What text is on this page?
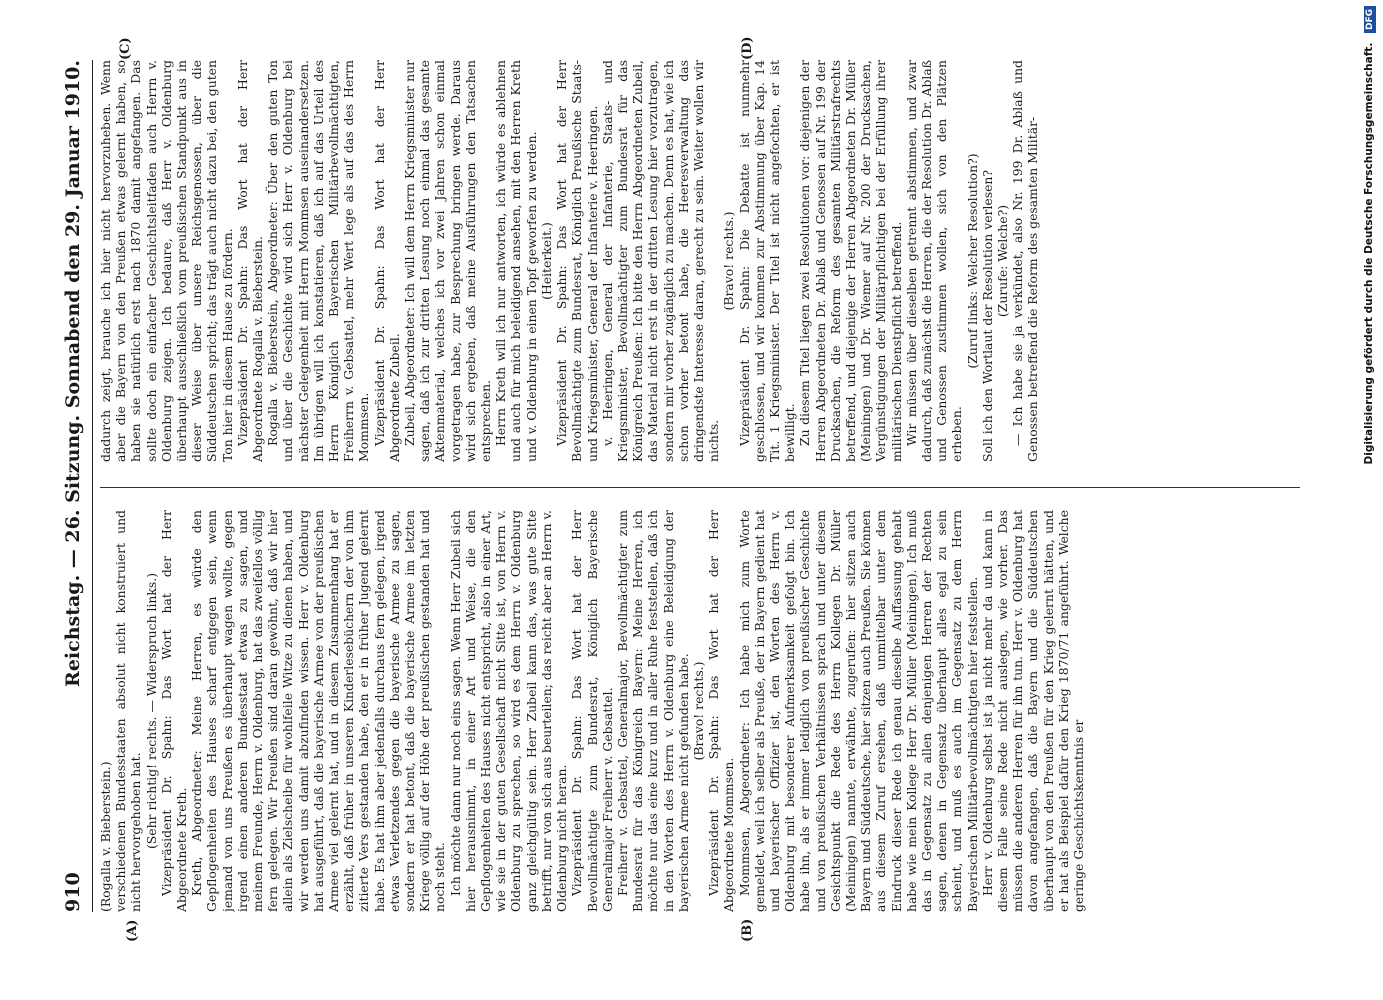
910
Reichstag. — 26. Sitzung. Sonnabend den 29. Januar 1910.
(A)	(B)
(C)	(D)

(Rogalla v. Bieberstein.) verschiedenen Bundesstaaten absolut nicht konstruiert und nicht hervorgehoben hat. (Sehr richtig! rechts. — Widerspruch links.) Vizepräsident Dr. Spahn: Das Wort hat der Herr Abgeordnete Kreth. Kreth, Abgeordneter: Meine Herren, es würde den Gepflogenheiten des Hauses scharf entgegen sein, wenn jemand von uns Preußen es überhaupt wagen wollte, gegen irgend einen anderen Bundesstaat etwas zu sagen, und meinem Freunde, Herrn v. Oldenburg, hat das zweifellos völlig fern gelegen. Wir Preußen sind daran gewöhnt, daß wir hier allein als Zielscheibe für wohlfeile Witze zu dienen haben, und wir werden uns damit abzufinden wissen. Herr v. Oldenburg hat ausgeführt, daß die bayerische Armee von der preußischen Armee viel gelernt hat, und in diesem Zusammenhang hat er erzählt, daß früher in unseren Kinderlesebüchern der von ihm zitierte Vers gestanden habe, den er in früher Jugend gelernt habe. Es hat ihm aber jedenfalls durchaus fern gelegen, irgend etwas Verletzendes gegen die bayerische Armee zu sagen, sondern er hat betont, daß die bayerische Armee im letzten Kriege völlig auf der Höhe der preußischen gestanden hat und noch steht. Ich möchte dann nur noch eins sagen. Wenn Herr Zubeil sich hier herausnimmt, in einer Art und Weise, die den Gepflogenheiten des Hauses nicht entspricht, also in einer Art, wie sie in der guten Gesellschaft nicht Sitte ist, von Herrn v. Oldenburg zu sprechen, so wird es dem Herrn v. Oldenburg ganz gleichgültig sein. Herr Zubeil kann das, was gute Sitte betrifft, nur von sich aus beurteilen; das reicht aber an Herrn v. Oldenburg nicht heran. Vizepräsident Dr. Spahn: Das Wort hat der Herr Bevollmächtigte zum Bundesrat, Königlich Bayerische Generalmajor Freiherr v. Gebsattel. Freiherr v. Gebsattel, Generalmajor, Bevollmächtigter zum Bundesrat für das Königreich Bayern: Meine Herren, ich möchte nur das eine kurz und in aller Ruhe feststellen, daß ich in den Worten des Herrn v. Oldenburg eine Beleidigung der bayerischen Armee nicht gefunden habe. (Bravo! rechts.) Vizepräsident Dr. Spahn: Das Wort hat der Herr Abgeordnete Mommsen. Mommsen, Abgeordneter: Ich habe mich zum Worte gemeldet, weil ich selber als Preuße, der in Bayern gedient hat und bayerischer Offizier ist, den Worten des Herrn v. Oldenburg mit besonderer Aufmerksamkeit gefolgt bin. Ich habe ihn, als er immer lediglich von preußischer Geschichte und von preußischen Verhältnissen sprach und unter diesem Gesichtspunkt die Rede des Herrn Kollegen Dr. Müller (Meiningen) nannte, erwähnte, zugerufen: hier sitzen auch Bayern und Süddeutsche, hier sitzen auch Preußen. Sie können aus diesem Zuruf ersehen, daß unmittelbar unter dem Eindruck dieser Rede ich genau dieselbe Auffassung gehabt habe wie mein Kollege Herr Dr. Müller (Meiningen). Ich muß das in Gegensatz zu allen denjenigen Herren der Rechten sagen, denen in Gegensatz überhaupt alles egal zu sein scheint, und muß es auch im Gegensatz zu dem Herrn Bayerischen Militärbevollmächtigten hier feststellen. Herr v. Oldenburg selbst ist ja nicht mehr da und kann in diesem Falle seine Rede nicht auslegen, wie vorher. Das müssen die anderen Herren für ihn tun. Herr v. Oldenburg hat davon angefangen, daß die Bayern und die Süddeutschen überhaupt von den Preußen für den Krieg gelernt hätten, und er hat als Beispiel dafür den Krieg 1870/71 angeführt. Welche geringe Geschichtskenntnis er

dadurch zeigt, brauche ich hier nicht hervorzuheben. Wenn aber die Bayern von den Preußen etwas gelernt haben, so haben sie natürlich erst nach 1870 damit angefangen. Das sollte doch ein einfacher Geschichtsleitfaden auch Herrn v. Oldenburg zeigen. Ich bedaure, daß Herr v. Oldenburg überhaupt ausschließlich vom preußischen Standpunkt aus in dieser Weise über unsere Reichsgenossen, über die Süddeutschen spricht; das trägt auch nicht dazu bei, den guten Ton hier in diesem Hause zu fördern. Vizepräsident Dr. Spahn: Das Wort hat der Herr Abgeordnete Rogalla v. Bieberstein. Rogalla v. Bieberstein, Abgeordneter: Über den guten Ton und über die Geschichte wird sich Herr v. Oldenburg bei nächster Gelegenheit mit Herrn Mommsen auseinandersetzen. Im übrigen will ich konstatieren, daß ich auf das Urteil des Herrn Königlich Bayerischen Militärbevollmächtigten, Freiherrn v. Gebsattel, mehr Wert lege als auf das des Herrn Mommsen. Vizepräsident Dr. Spahn: Das Wort hat der Herr Abgeordnete Zubeil. Zubeil, Abgeordneter: Ich will dem Herrn Kriegsminister nur sagen, daß ich zur dritten Lesung noch einmal das gesamte Aktenmaterial, welches ich vor zwei Jahren schon einmal vorgetragen habe, zur Besprechung bringen werde. Daraus wird sich ergeben, daß meine Ausführungen den Tatsachen entsprechen. Herrn Kreth will ich nur antworten, ich würde es ablehnen und auch für mich beleidigend ansehen, mit den Herren Kreth und v. Oldenburg in einen Topf geworfen zu werden. (Heiterkeit.) Vizepräsident Dr. Spahn: Das Wort hat der Herr Bevollmächtigte zum Bundesrat, Königlich Preußische Staats- und Kriegsminister, General der Infanterie v. Heeringen. v. Heeringen, General der Infanterie, Staats- und Kriegsminister, Bevollmächtigter zum Bundesrat für das Königreich Preußen: Ich bitte den Herrn Abgeordneten Zubeil, das Material nicht erst in der dritten Lesung hier vorzutragen, sondern mir vorher zugänglich zu machen. Denn es hat, wie ich schon vorher betont habe, die Heeresverwaltung das dringendste Interesse daran, gerecht zu sein. Weiter wollen wir nichts.

(Bravo! rechts.) Vizepräsident Dr. Spahn: Die Debatte ist nunmehr geschlossen, und wir kommen zur Abstimmung über Kap. 14 Tit. 1 Kriegsminister. Der Titel ist nicht angefochten, er ist bewilligt. Zu diesem Titel liegen zwei Resolutionen vor: diejenigen der Herren Abgeordneten Dr. Ablaß und Genossen auf Nr. 199 der Drucksachen, die Reform des gesamten Militärstrafrechts betreffend, und diejenige der Herren Abgeordneten Dr. Müller (Meiningen) und Dr. Wiemer auf Nr. 200 der Drucksachen, Vergünstigungen der Militärpflichtigen bei der Erfüllung ihrer militärischen Dienstpflicht betreffend. Wir müssen über dieselben getrennt abstimmen, und zwar dadurch, daß zunächst die Herren, die der Resolution Dr. Ablaß und Genossen zustimmen wollen, sich von den Plätzen erheben.

(Zuruf links: Welcher Resolution?) Soll ich den Wortlaut der Resolution verlesen? (Zurufe: Welche?) — Ich habe sie ja verkündet, also Nr. 199 Dr. Ablaß und Genossen betreffend die Reform des gesamten Militär-	Digitalisierung gefördert durch die Deutsche Forschungsgemeinschaft. DFG
